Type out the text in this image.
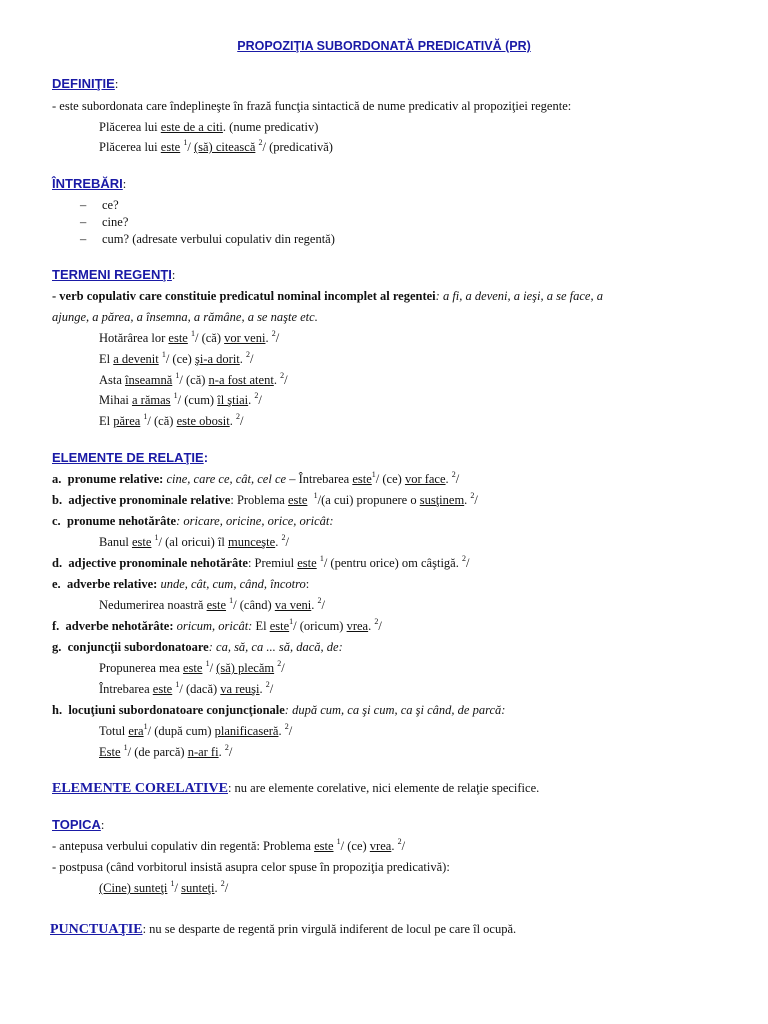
PROPOZIŢIA SUBORDONATĂ PREDICATIVĂ (PR)
DEFINIŢIE:
- este subordonata care îndeplineşte în frază funcţia sintactică de nume predicativ al propoziţiei regente:
Plăcerea lui este de a citi. (nume predicativ)
Plăcerea lui este $^1$/ (să) citească $^2$/ (predicativă)
ÎNTREBĂRI:
– ce?
– cine?
– cum? (adresate verbului copulativ din regentă)
TERMENI REGENŢI:
- verb copulativ care constituie predicatul nominal incomplet al regentei: a fi, a deveni, a ieşi, a se face, a
ajunge, a părea, a însemna, a rămâne, a se naşte etc.
Hotărârea lor este $^1$/ (că) vor veni. $^2$/
El a devenit $^1$/ (ce) şi-a dorit. $^2$/
Asta înseamnă $^1$/ (că) n-a fost atent. $^2$/
Mihai a rămas $^1$/ (cum) îl ştiai. $^2$/
El părea $^1$/ (că) este obosit. $^2$/
ELEMENTE DE RELAŢIE:
a. pronume relative: cine, care ce, cât, cel ce – Întrebarea este$^1$/ (ce) vor face. $^2$/
b. adjective pronominale relative: Problema este $^1$/(a cui) propunere o susţinem. $^2$/
c. pronume nehotărâte: oricare, oricine, orice, oricât:
Banul este $^1$/ (al oricui) îl munceşte. $^2$/
d. adjective pronominale nehotărâte: Premiul este $^1$/ (pentru orice) om câştigă. $^2$/
e. adverbe relative: unde, cât, cum, când, încotro:
Nedumerirea noastră este $^1$/ (când) va veni. $^2$/
f. adverbe nehotărâte: oricum, oricât: El este$^1$/ (oricum) vrea. $^2$/
g. conjuncţii subordonatoare: ca, să, ca ... să, dacă, de:
Propunerea mea este $^1$/ (să) plecăm $^2$/
Întrebarea este $^1$/ (dacă) va reuşi. $^2$/
h. locuţiuni subordonatoare conjuncţionale: după cum, ca şi cum, ca şi când, de parcă:
Totul era$^1$/ (după cum) planificaseră. $^2$/
Este $^1$/ (de parcă) n-ar fi. $^2$/
ELEMENTE CORELATIVE: nu are elemente corelative, nici elemente de relaţie specifice.
TOPICA:
- antepusa verbului copulativ din regentă: Problema este $^1$/ (ce) vrea. $^2$/
- postpusa (când vorbitorul insistă asupra celor spuse în propoziţia predicativă):
(Cine) sunteţi $^1$/ sunteţi. $^2$/
PUNCTUAŢIE: nu se desparte de regentă prin virgulă indiferent de locul pe care îl ocupă.
